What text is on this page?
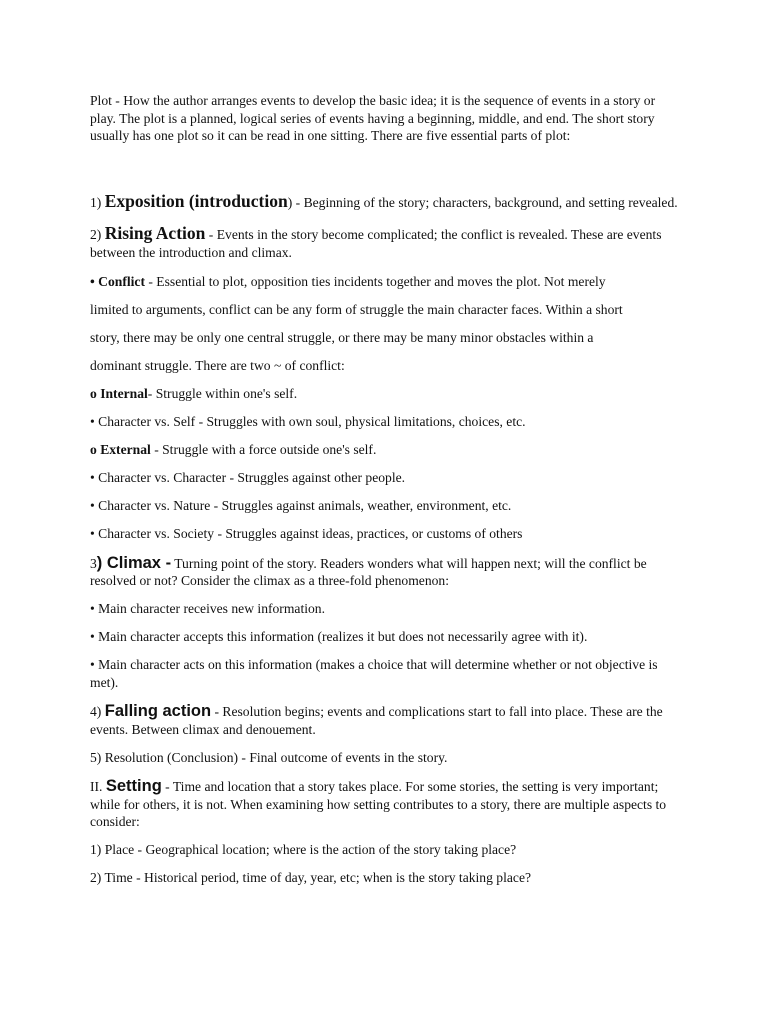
Plot - How the author arranges events to develop the basic idea; it is the sequence of events in a story or play. The plot is a planned, logical series of events having a beginning, middle, and end. The short story usually has one plot so it can be read in one sitting. There are five essential parts of plot:

1) Exposition (introduction) - Beginning of the story; characters, background, and setting revealed.

2) Rising Action - Events in the story become complicated; the conflict is revealed. These are events between the introduction and climax.

• Conflict - Essential to plot, opposition ties incidents together and moves the plot. Not merely

limited to arguments, conflict can be any form of struggle the main character faces. Within a short

story, there may be only one central struggle, or there may be many minor obstacles within a

dominant struggle. There are two ~ of conflict:

o Internal- Struggle within one's self.

• Character vs. Self - Struggles with own soul, physical limitations, choices, etc.

o External - Struggle with a force outside one's self.

• Character vs. Character - Struggles against other people.

• Character vs. Nature - Struggles against animals, weather, environment, etc.

• Character vs. Society - Struggles against ideas, practices, or customs of others

3) Climax - Turning point of the story. Readers wonders what will happen next; will the conflict be resolved or not? Consider the climax as a three-fold phenomenon:

• Main character receives new information.

• Main character accepts this information (realizes it but does not necessarily agree with it).

• Main character acts on this information (makes a choice that will determine whether or not objective is met).

4) Falling action - Resolution begins; events and complications start to fall into place. These are the events. Between climax and denouement.

5) Resolution (Conclusion) - Final outcome of events in the story.

II. Setting - Time and location that a story takes place. For some stories, the setting is very important; while for others, it is not. When examining how setting contributes to a story, there are multiple aspects to consider:

1) Place - Geographical location; where is the action of the story taking place?

2) Time - Historical period, time of day, year, etc; when is the story taking place?
